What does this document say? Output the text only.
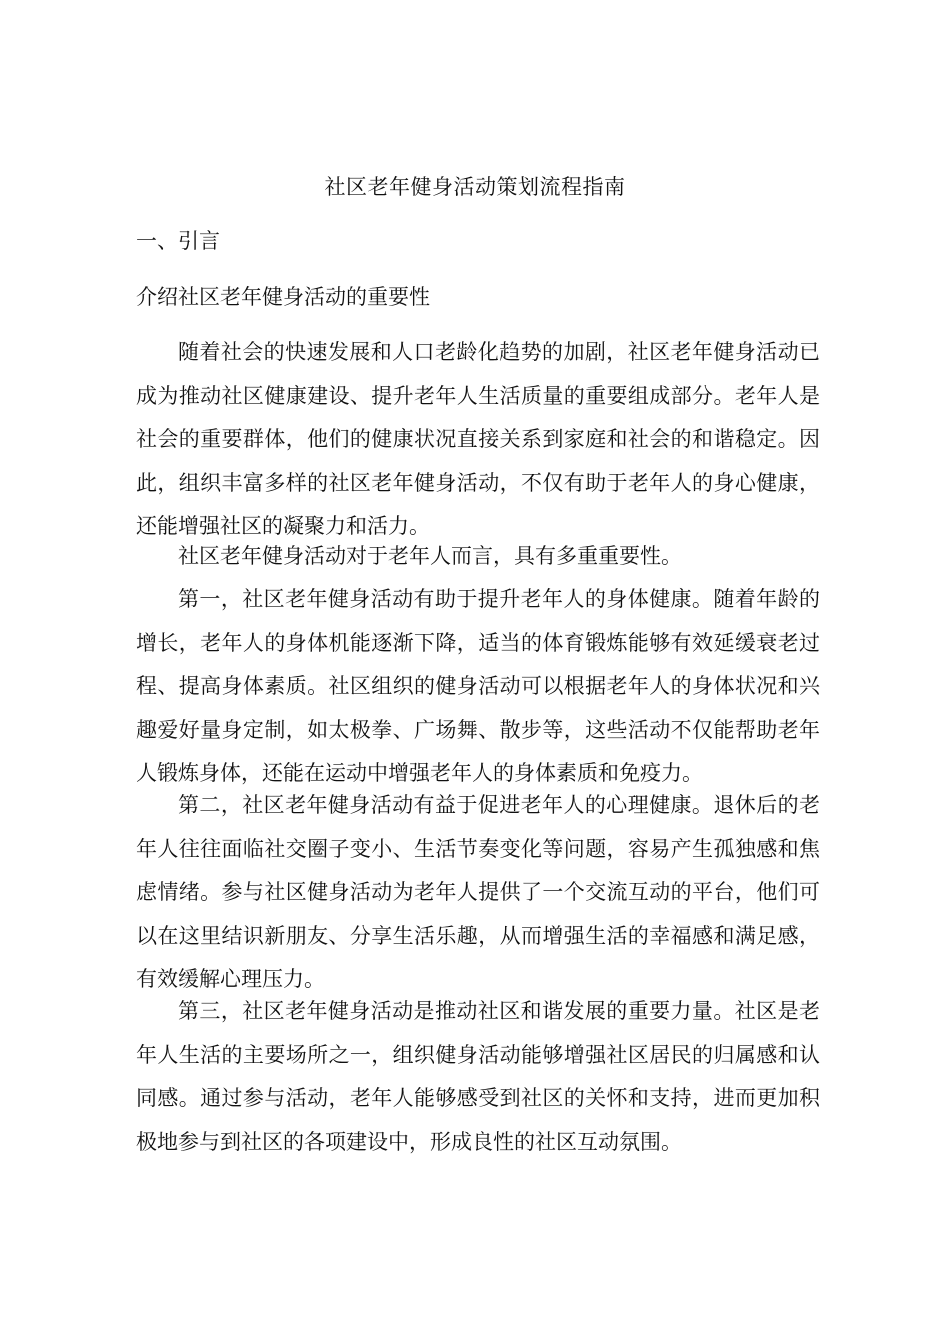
社区老年健身活动策划流程指南
一、引言
介绍社区老年健身活动的重要性

随着社会的快速发展和人口老龄化趋势的加剧，社区老年健身活动已成为推动社区健康建设、提升老年人生活质量的重要组成部分。老年人是社会的重要群体，他们的健康状况直接关系到家庭和社会的和谐稳定。因此，组织丰富多样的社区老年健身活动，不仅有助于老年人的身心健康，还能增强社区的凝聚力和活力。

社区老年健身活动对于老年人而言，具有多重重要性。

第一，社区老年健身活动有助于提升老年人的身体健康。随着年龄的增长，老年人的身体机能逐渐下降，适当的体育锻炼能够有效延缓衰老过程、提高身体素质。社区组织的健身活动可以根据老年人的身体状况和兴趣爱好量身定制，如太极拳、广场舞、散步等，这些活动不仅能帮助老年人锻炼身体，还能在运动中增强老年人的身体素质和免疫力。

第二，社区老年健身活动有益于促进老年人的心理健康。退休后的老年人往往面临社交圈子变小、生活节奏变化等问题，容易产生孤独感和焦虑情绪。参与社区健身活动为老年人提供了一个交流互动的平台，他们可以在这里结识新朋友、分享生活乐趣，从而增强生活的幸福感和满足感，有效缓解心理压力。

第三，社区老年健身活动是推动社区和谐发展的重要力量。社区是老年人生活的主要场所之一，组织健身活动能够增强社区居民的归属感和认同感。通过参与活动，老年人能够感受到社区的关怀和支持，进而更加积极地参与到社区的各项建设中，形成良性的社区互动氛围。
